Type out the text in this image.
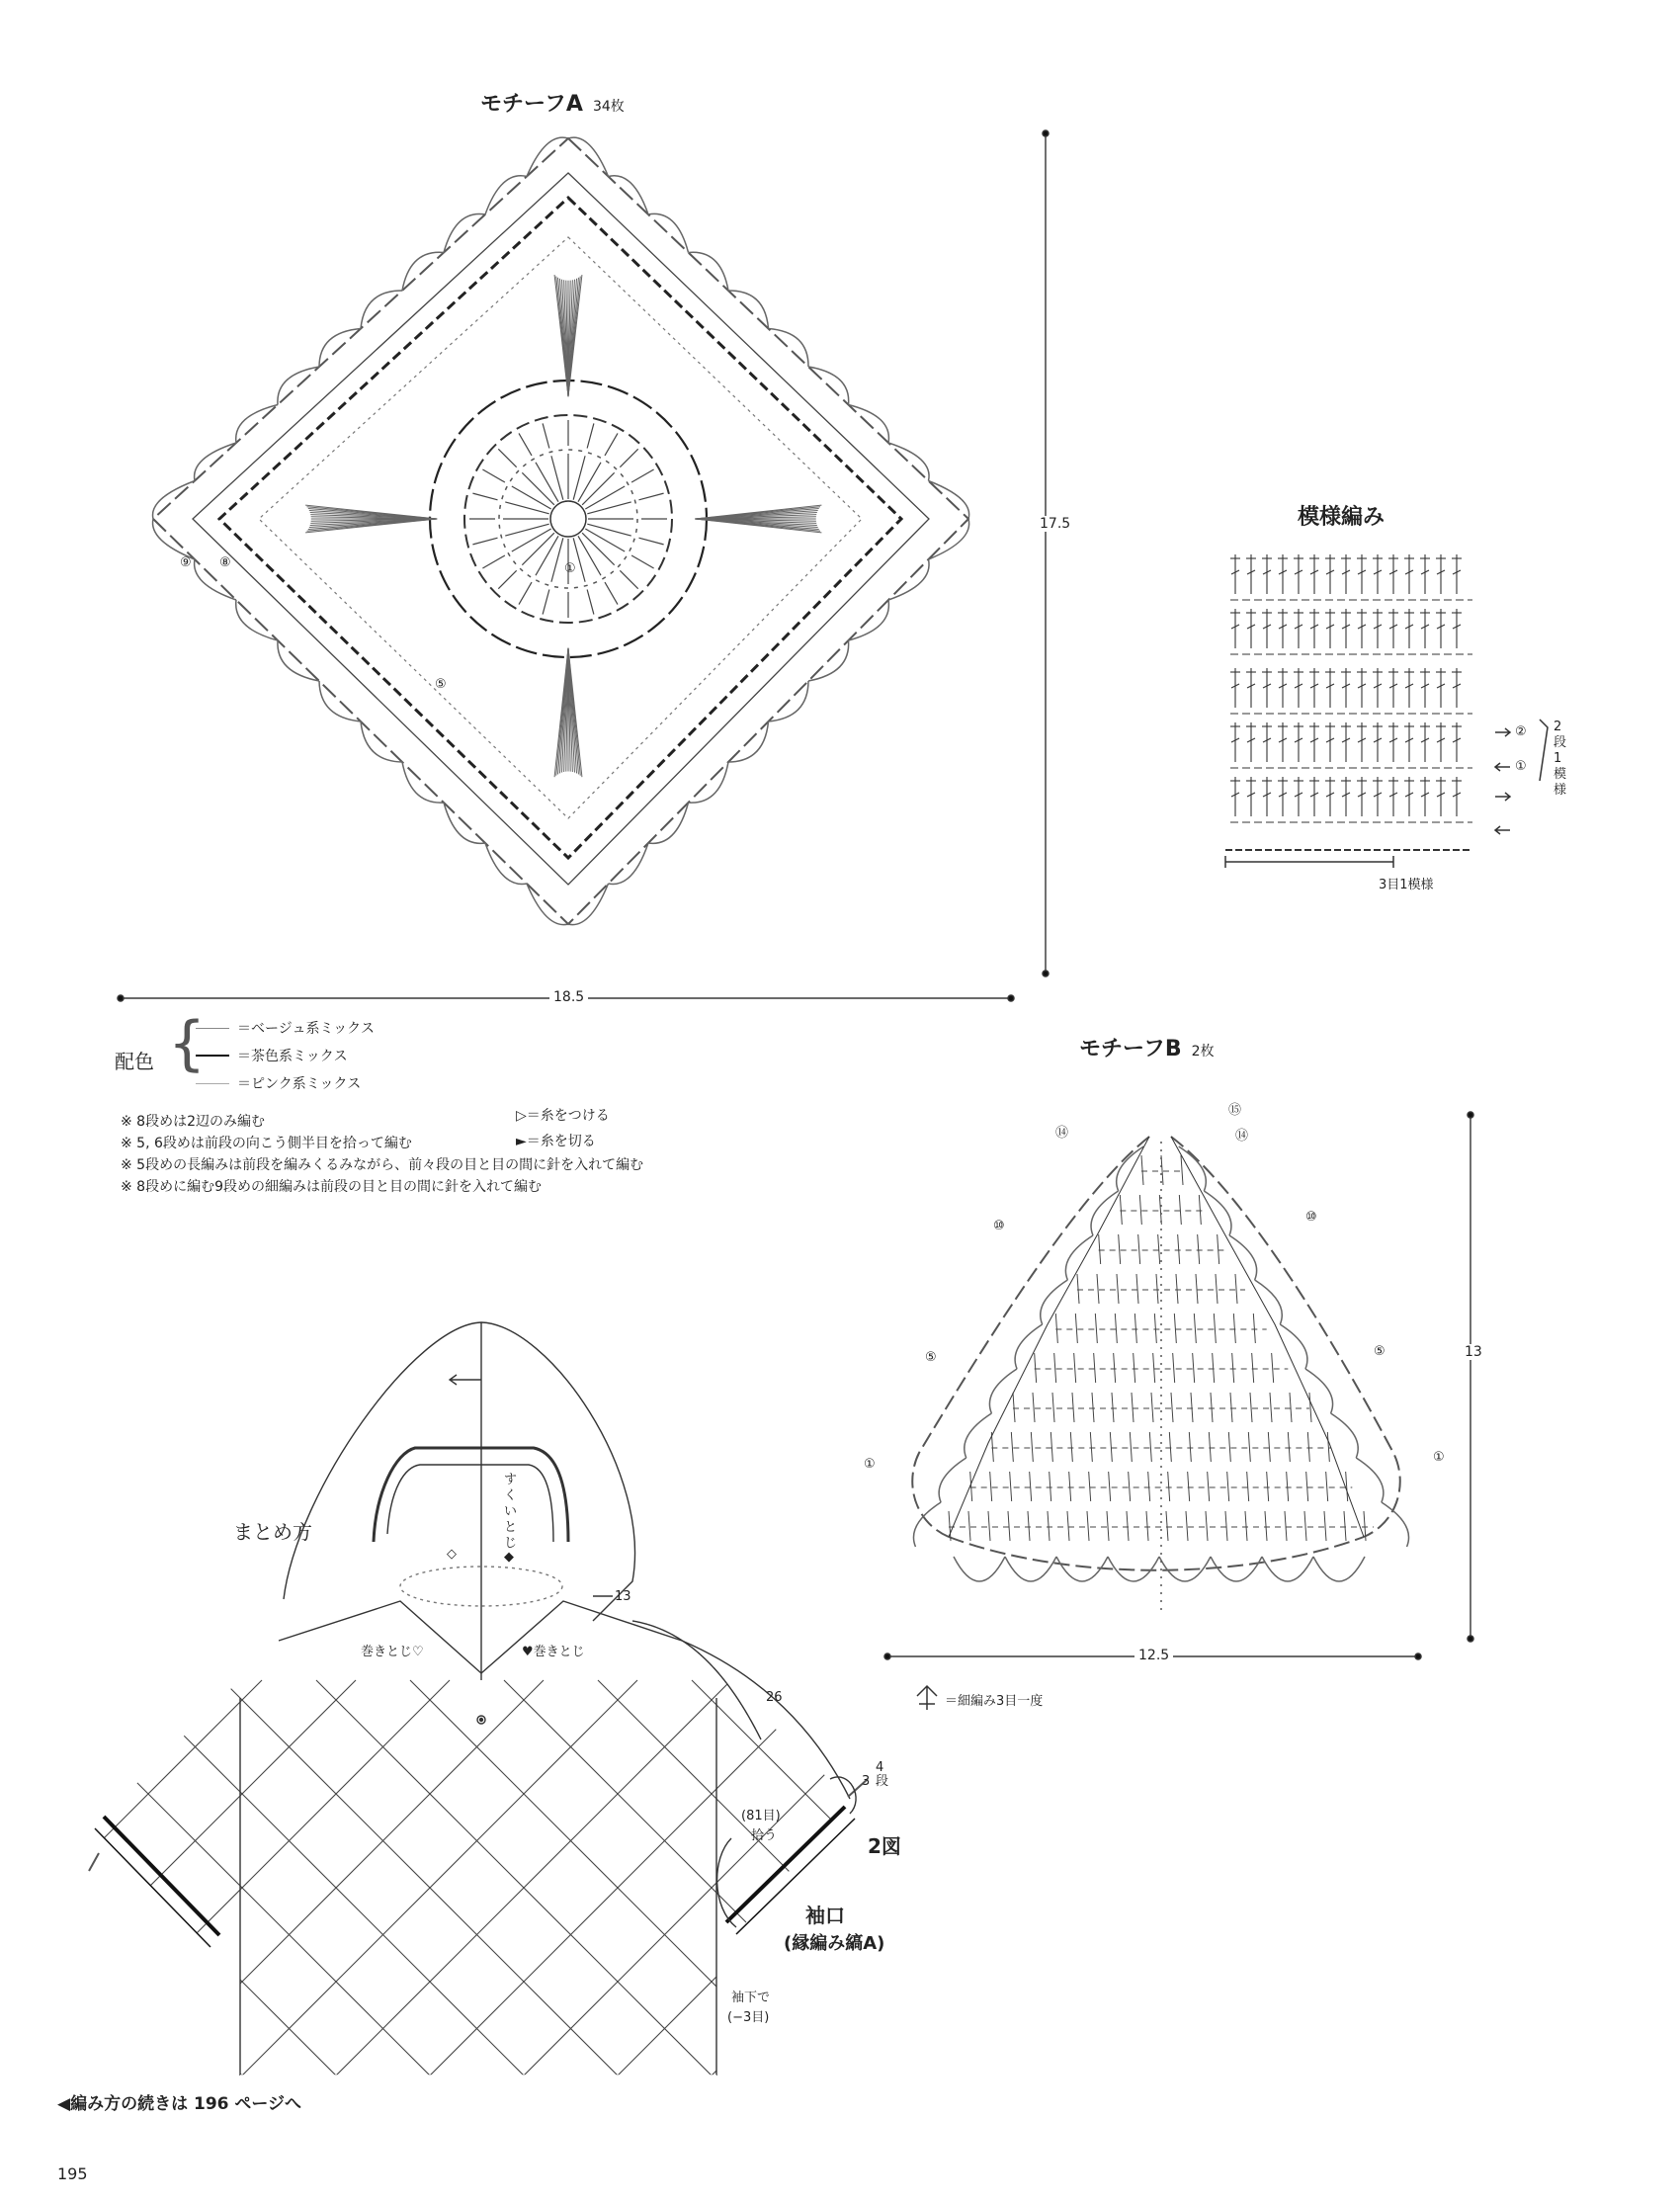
モチーフA 34枚
17.5
18.5
①
⑤
⑧
⑨
模様編み
3目1模様
②
①
2段1模様
配色 { ＝ベージュ系ミックス
＝茶色系ミックス
＝ピンク系ミックス
▷＝糸をつける
►＝糸を切る
※ 8段めは2辺のみ編む
※ 5, 6段めは前段の向こう側半目を拾って編む
※ 5段めの長編みは前段を編みくるみながら、前々段の目と目の間に針を入れて編む
※ 8段めに編む9段めの細編みは前段の目と目の間に針を入れて編む
モチーフB 2枚
13
12.5
⑮
⑭	⑭
⑩
⑩
⑤	⑤
①	①
＝細編み3目一度
まとめ方
すくいとじ
◆
◇
巻きとじ♡	♥巻きとじ
13
26
3
4段
(81目)
拾う	2図
袖口
(縁編み縞A)
袖下で
(−3目)
◀編み方の続きは 196 ページへ
195
